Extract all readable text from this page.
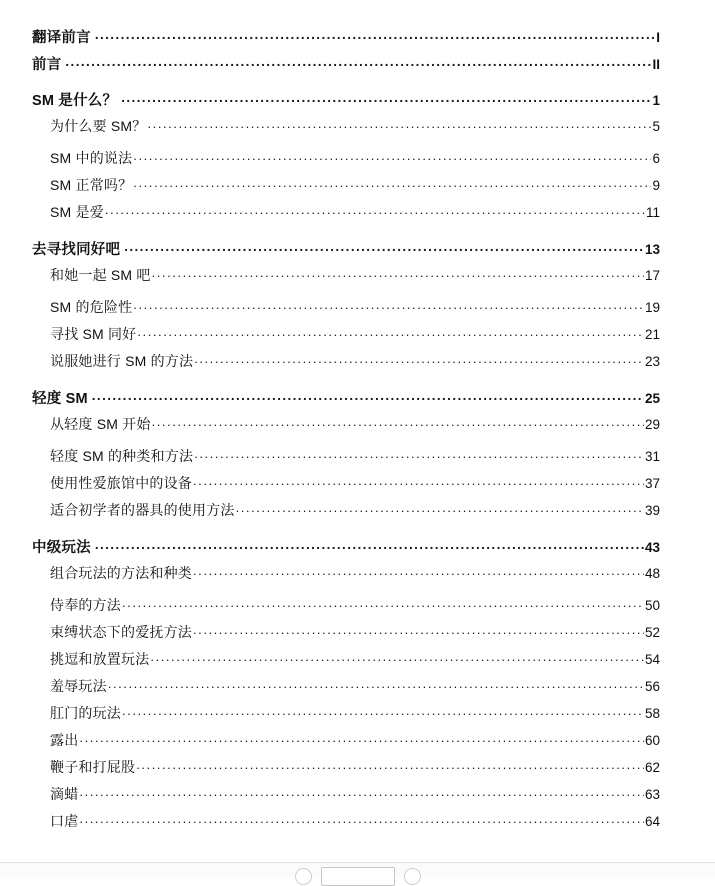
翻译前言 .....	I
前言 .....	II
SM 是什么？ .....	1
为什么要 SM？ .....	5
SM 中的说法 .....	6
SM 正常吗？ .....	9
SM 是爱 .....	11
去寻找同好吧 .....	13
和她一起 SM 吧 .....	17
SM 的危险性 .....	19
寻找 SM 同好 .....	21
说服她进行 SM 的方法 .....	23
轻度 SM .....	25
从轻度 SM 开始 .....	29
轻度 SM 的种类和方法 .....	31
使用性爱旅馆中的设备 .....	37
适合初学者的器具的使用方法 .....	39
中级玩法 .....	43
组合玩法的方法和种类 .....	48
侍奉的方法 .....	50
束缚状态下的爱抚方法 .....	52
挑逗和放置玩法 .....	54
羞辱玩法 .....	56
肛门的玩法 .....	58
露出 .....	60
鞭子和打屁股 .....	62
滴蜡 .....	63
口虐 .....	64
